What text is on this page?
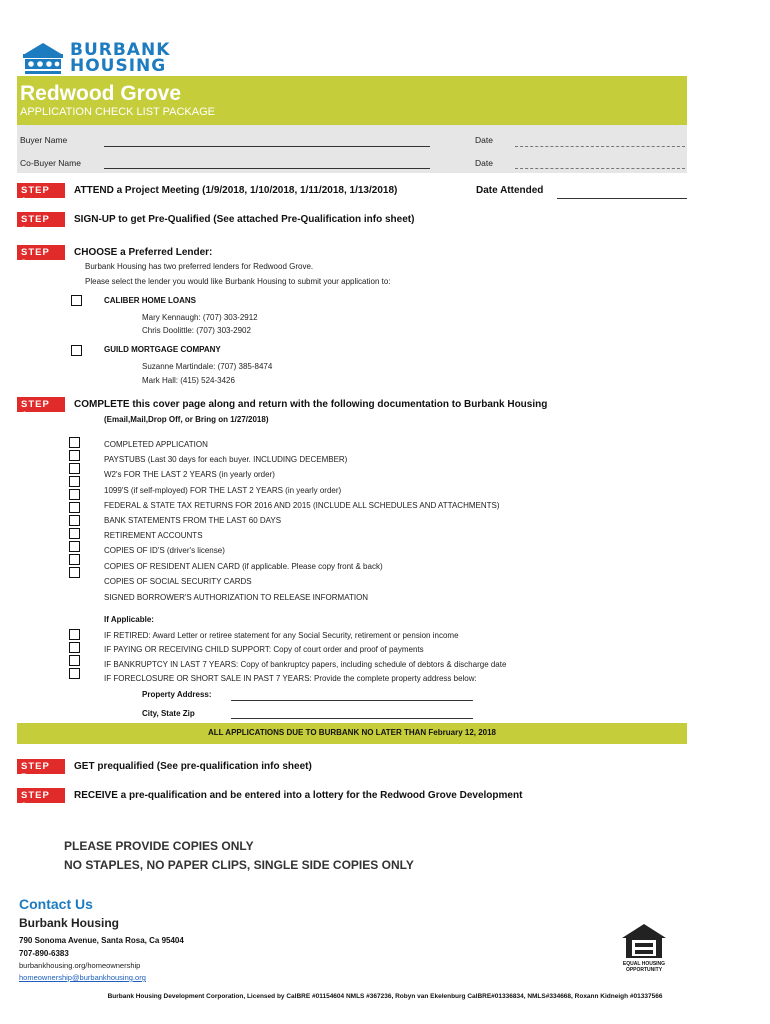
BURBANK
HOUSING
Redwood Grove
APPLICATION CHECK LIST PACKAGE
Buyer Name	Date
Co-Buyer Name	Date
STEP 1:
ATTEND a Project Meeting (1/9/2018, 1/10/2018, 1/11/2018, 1/13/2018)	Date Attended
STEP 2:
SIGN-UP to get Pre-Qualified (See attached Pre-Qualification info sheet)
STEP 3:
CHOOSE a Preferred Lender:
Burbank Housing has two preferred lenders for Redwood Grove.
Please select the lender you would like Burbank Housing to submit your application to:
CALIBER HOME LOANS
Mary Kennaugh: (707) 303-2912
Chris Doolittle: (707) 303-2902
GUILD MORTGAGE COMPANY
Suzanne Martindale: (707) 385-8474
Mark Hall: (415) 524-3426
STEP 4:
COMPLETE this cover page along and return with the following documentation to Burbank Housing
(Email,Mail,Drop Off, or Bring on 1/27/2018)
COMPLETED APPLICATION
PAYSTUBS (Last 30 days for each buyer. INCLUDING DECEMBER)
W2's FOR THE LAST 2 YEARS (in yearly order)
1099'S (if self-mployed) FOR THE LAST 2 YEARS (in yearly order)
FEDERAL & STATE TAX RETURNS FOR 2016 AND 2015 (INCLUDE ALL SCHEDULES AND ATTACHMENTS)
BANK STATEMENTS FROM THE LAST 60 DAYS
RETIREMENT ACCOUNTS
COPIES OF ID'S (driver's license)
COPIES OF RESIDENT ALIEN CARD (if applicable. Please copy front & back)
COPIES OF SOCIAL SECURITY CARDS
SIGNED BORROWER'S AUTHORIZATION TO RELEASE INFORMATION
If Applicable:
IF RETIRED: Award Letter or retiree statement for any Social Security, retirement or pension income
IF PAYING OR RECEIVING CHILD SUPPORT: Copy of court order and proof of payments
IF BANKRUPTCY IN LAST 7 YEARS: Copy of bankruptcy papers, including schedule of debtors & discharge date
IF FORECLOSURE OR SHORT SALE IN PAST 7 YEARS: Provide the complete property address below:
Property Address:
City, State Zip
ALL APPLICATIONS DUE TO BURBANK NO LATER THAN February 12, 2018
STEP 5:
GET prequalified (See pre-qualification info sheet)
STEP 6:
RECEIVE a pre-qualification and be entered into a lottery for the Redwood Grove Development
PLEASE PROVIDE COPIES ONLY
NO STAPLES, NO PAPER CLIPS, SINGLE SIDE COPIES ONLY
Contact Us
Burbank Housing
790 Sonoma Avenue, Santa Rosa, Ca 95404
707-890-6383
burbankhousing.org/homeownership
homeownership@burbankhousing.org
EQUAL HOUSING
OPPORTUNITY
Burbank Housing Development Corporation, Licensed by CalBRE #01154604 NMLS #367236, Robyn van Ekelenburg CalBRE#01336834, NMLS#334668, Roxann Kidneigh #01337566
